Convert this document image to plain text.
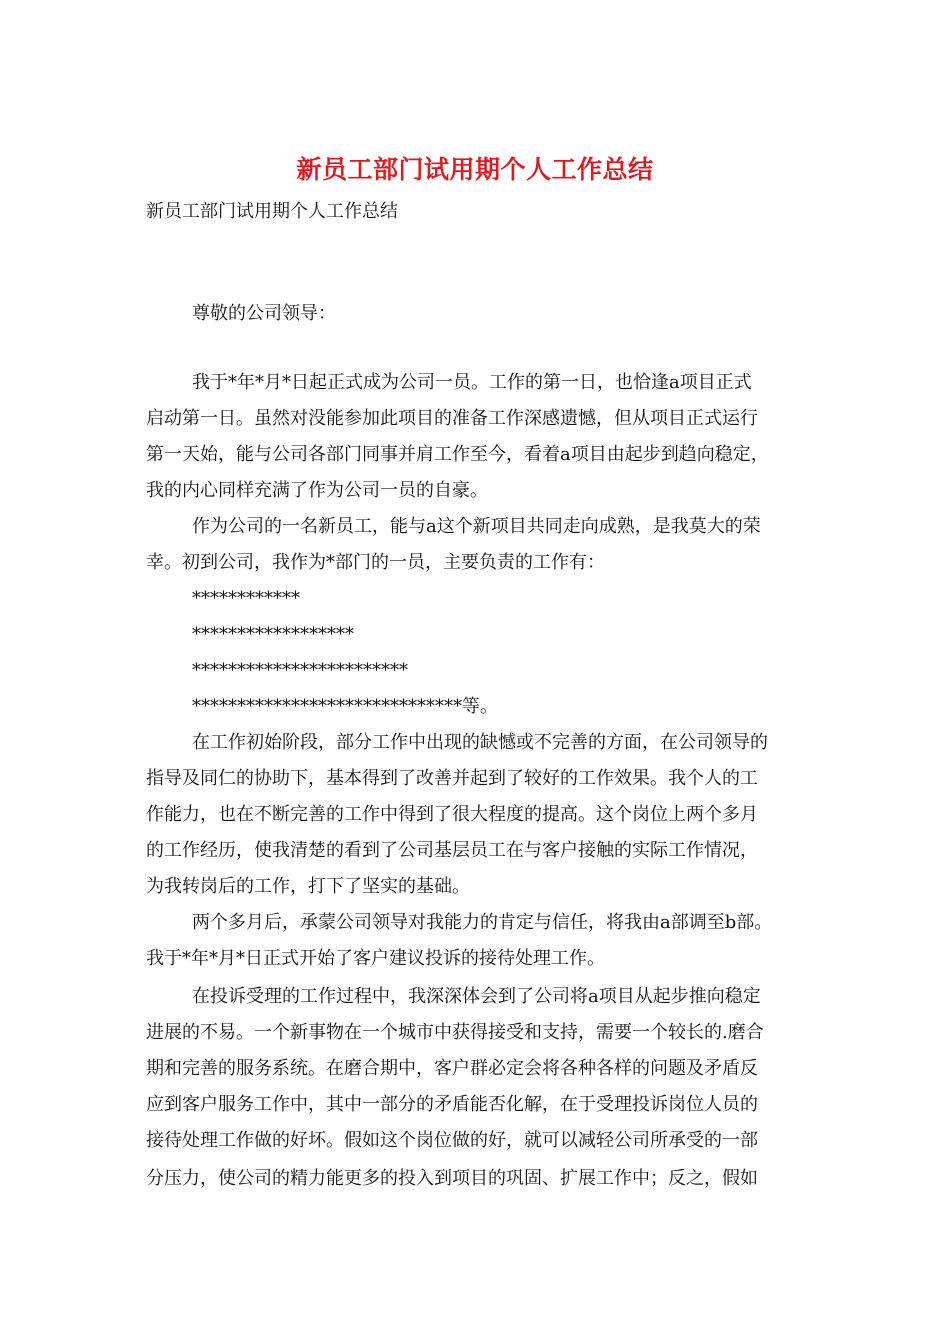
新员工部门试用期个人工作总结
新员工部门试用期个人工作总结
尊敬的公司领导：
我于*年*月*日起正式成为公司一员。工作的第一日，也恰逢a项目正式
启动第一日。虽然对没能参加此项目的准备工作深感遗憾，但从项目正式运行
第一天始，能与公司各部门同事并肩工作至今，看着a项目由起步到趋向稳定，
我的内心同样充满了作为公司一员的自豪。
作为公司的一名新员工，能与a这个新项目共同走向成熟，是我莫大的荣
幸。初到公司，我作为*部门的一员，主要负责的工作有：
************
******************
************************
******************************等。
在工作初始阶段，部分工作中出现的缺憾或不完善的方面，在公司领导的
指导及同仁的协助下，基本得到了改善并起到了较好的工作效果。我个人的工
作能力，也在不断完善的工作中得到了很大程度的提高。这个岗位上两个多月
的工作经历，使我清楚的看到了公司基层员工在与客户接触的实际工作情况，
为我转岗后的工作，打下了坚实的基础。
两个多月后，承蒙公司领导对我能力的肯定与信任，将我由a部调至b部。
我于*年*月*日正式开始了客户建议投诉的接待处理工作。
在投诉受理的工作过程中，我深深体会到了公司将a项目从起步推向稳定
进展的不易。一个新事物在一个城市中获得接受和支持，需要一个较长的.磨合
期和完善的服务系统。在磨合期中，客户群必定会将各种各样的问题及矛盾反
应到客户服务工作中，其中一部分的矛盾能否化解，在于受理投诉岗位人员的
接待处理工作做的好坏。假如这个岗位做的好，就可以减轻公司所承受的一部
分压力，使公司的精力能更多的投入到项目的巩固、扩展工作中；反之，假如
